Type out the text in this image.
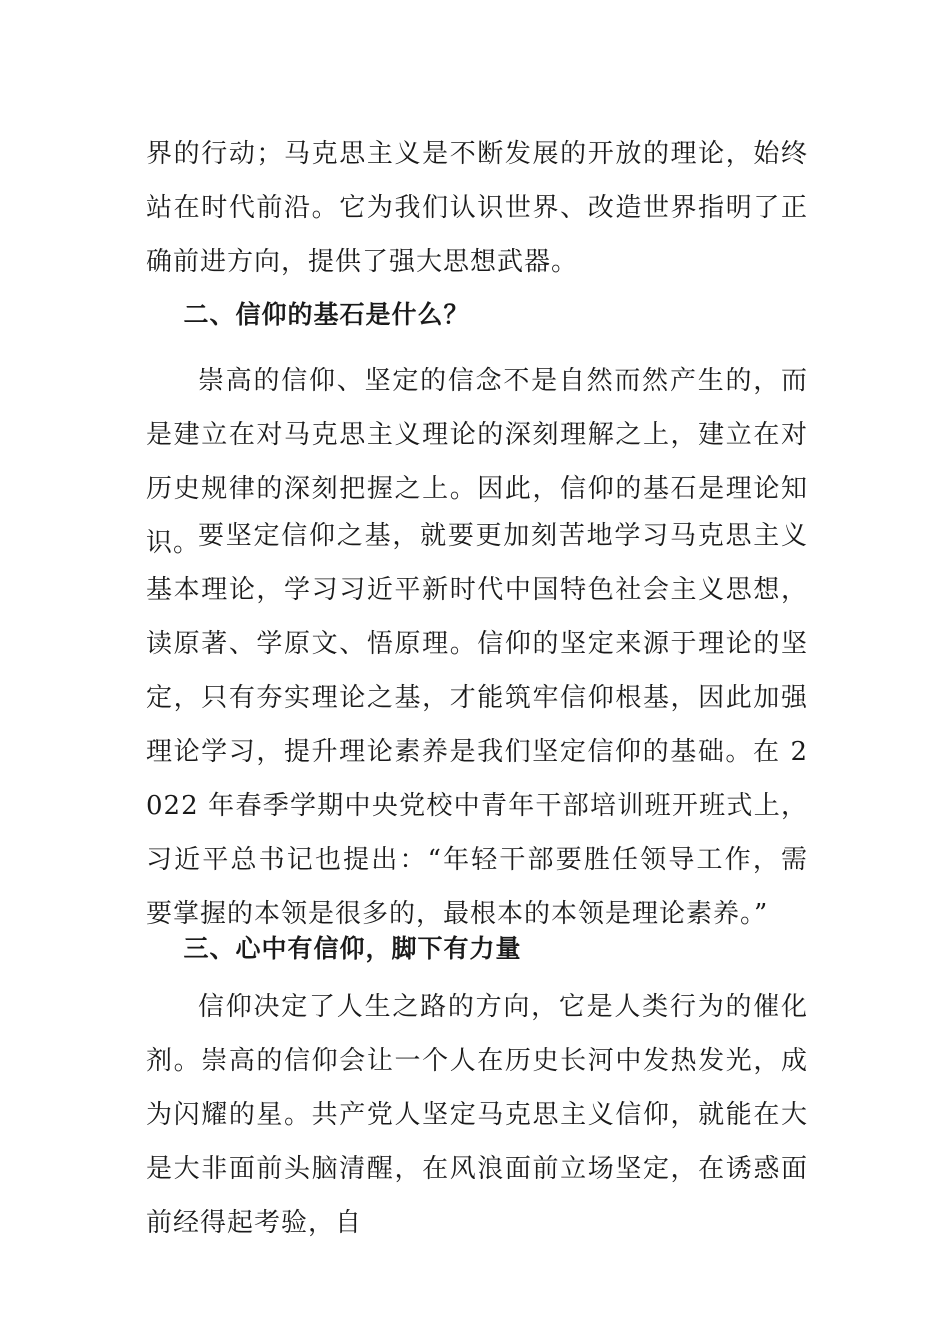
界的行动；马克思主义是不断发展的开放的理论，始终站在时代前沿。它为我们认识世界、改造世界指明了正确前进方向，提供了强大思想武器。

二、信仰的基石是什么？

崇高的信仰、坚定的信念不是自然而然产生的，而是建立在对马克思主义理论的深刻理解之上，建立在对历史规律的深刻把握之上。因此，信仰的基石是理论知识。

要坚定信仰之基，就要更加刻苦地学习马克思主义基本理论，学习习近平新时代中国特色社会主义思想，读原著、学原文、悟原理。信仰的坚定来源于理论的坚定，只有夯实理论之基，才能筑牢信仰根基，因此加强理论学习，提升理论素养是我们坚定信仰的基础。在 2022 年春季学期中央党校中青年干部培训班开班式上，习近平总书记也提出：“年轻干部要胜任领导工作，需要掌握的本领是很多的，最根本的本领是理论素养。”

三、心中有信仰，脚下有力量

信仰决定了人生之路的方向，它是人类行为的催化剂。崇高的信仰会让一个人在历史长河中发热发光，成为闪耀的星。共产党人坚定马克思主义信仰，就能在大是大非面前头脑清醒，在风浪面前立场坚定，在诱惑面前经得起考验，自
